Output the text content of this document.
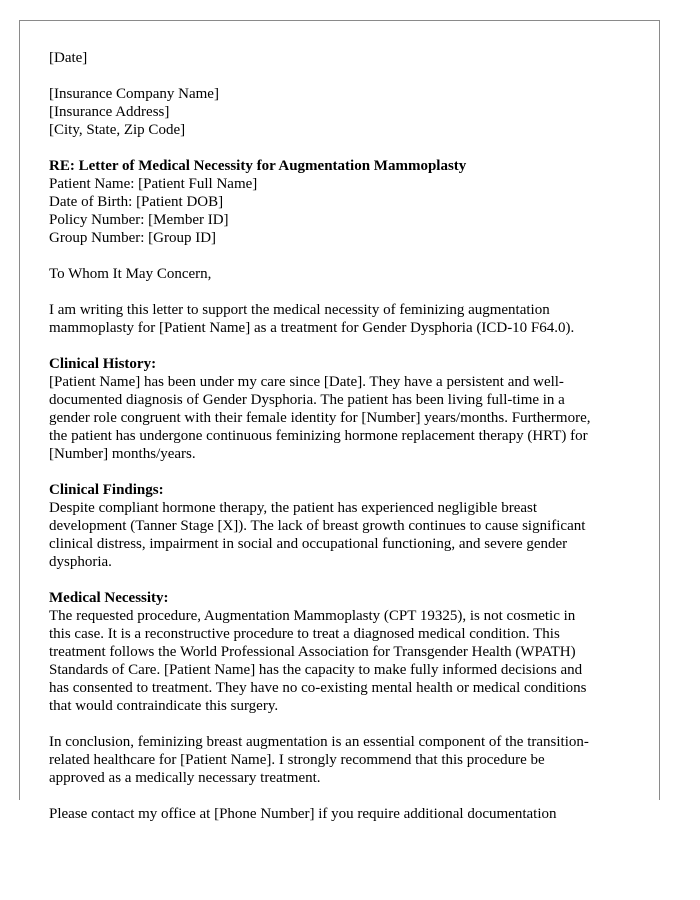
[Date]
[Insurance Company Name]
[Insurance Address]
[City, State, Zip Code]
RE: Letter of Medical Necessity for Augmentation Mammoplasty
Patient Name: [Patient Full Name]
Date of Birth: [Patient DOB]
Policy Number: [Member ID]
Group Number: [Group ID]
To Whom It May Concern,
I am writing this letter to support the medical necessity of feminizing augmentation
mammoplasty for [Patient Name] as a treatment for Gender Dysphoria (ICD-10 F64.0).
Clinical History:
[Patient Name] has been under my care since [Date]. They have a persistent and well-
documented diagnosis of Gender Dysphoria. The patient has been living full-time in a
gender role congruent with their female identity for [Number] years/months. Furthermore,
the patient has undergone continuous feminizing hormone replacement therapy (HRT) for
[Number] months/years.
Clinical Findings:
Despite compliant hormone therapy, the patient has experienced negligible breast
development (Tanner Stage [X]). The lack of breast growth continues to cause significant
clinical distress, impairment in social and occupational functioning, and severe gender
dysphoria.
Medical Necessity:
The requested procedure, Augmentation Mammoplasty (CPT 19325), is not cosmetic in
this case. It is a reconstructive procedure to treat a diagnosed medical condition. This
treatment follows the World Professional Association for Transgender Health (WPATH)
Standards of Care. [Patient Name] has the capacity to make fully informed decisions and
has consented to treatment. They have no co-existing mental health or medical conditions
that would contraindicate this surgery.
In conclusion, feminizing breast augmentation is an essential component of the transition-
related healthcare for [Patient Name]. I strongly recommend that this procedure be
approved as a medically necessary treatment.
Please contact my office at [Phone Number] if you require additional documentation
